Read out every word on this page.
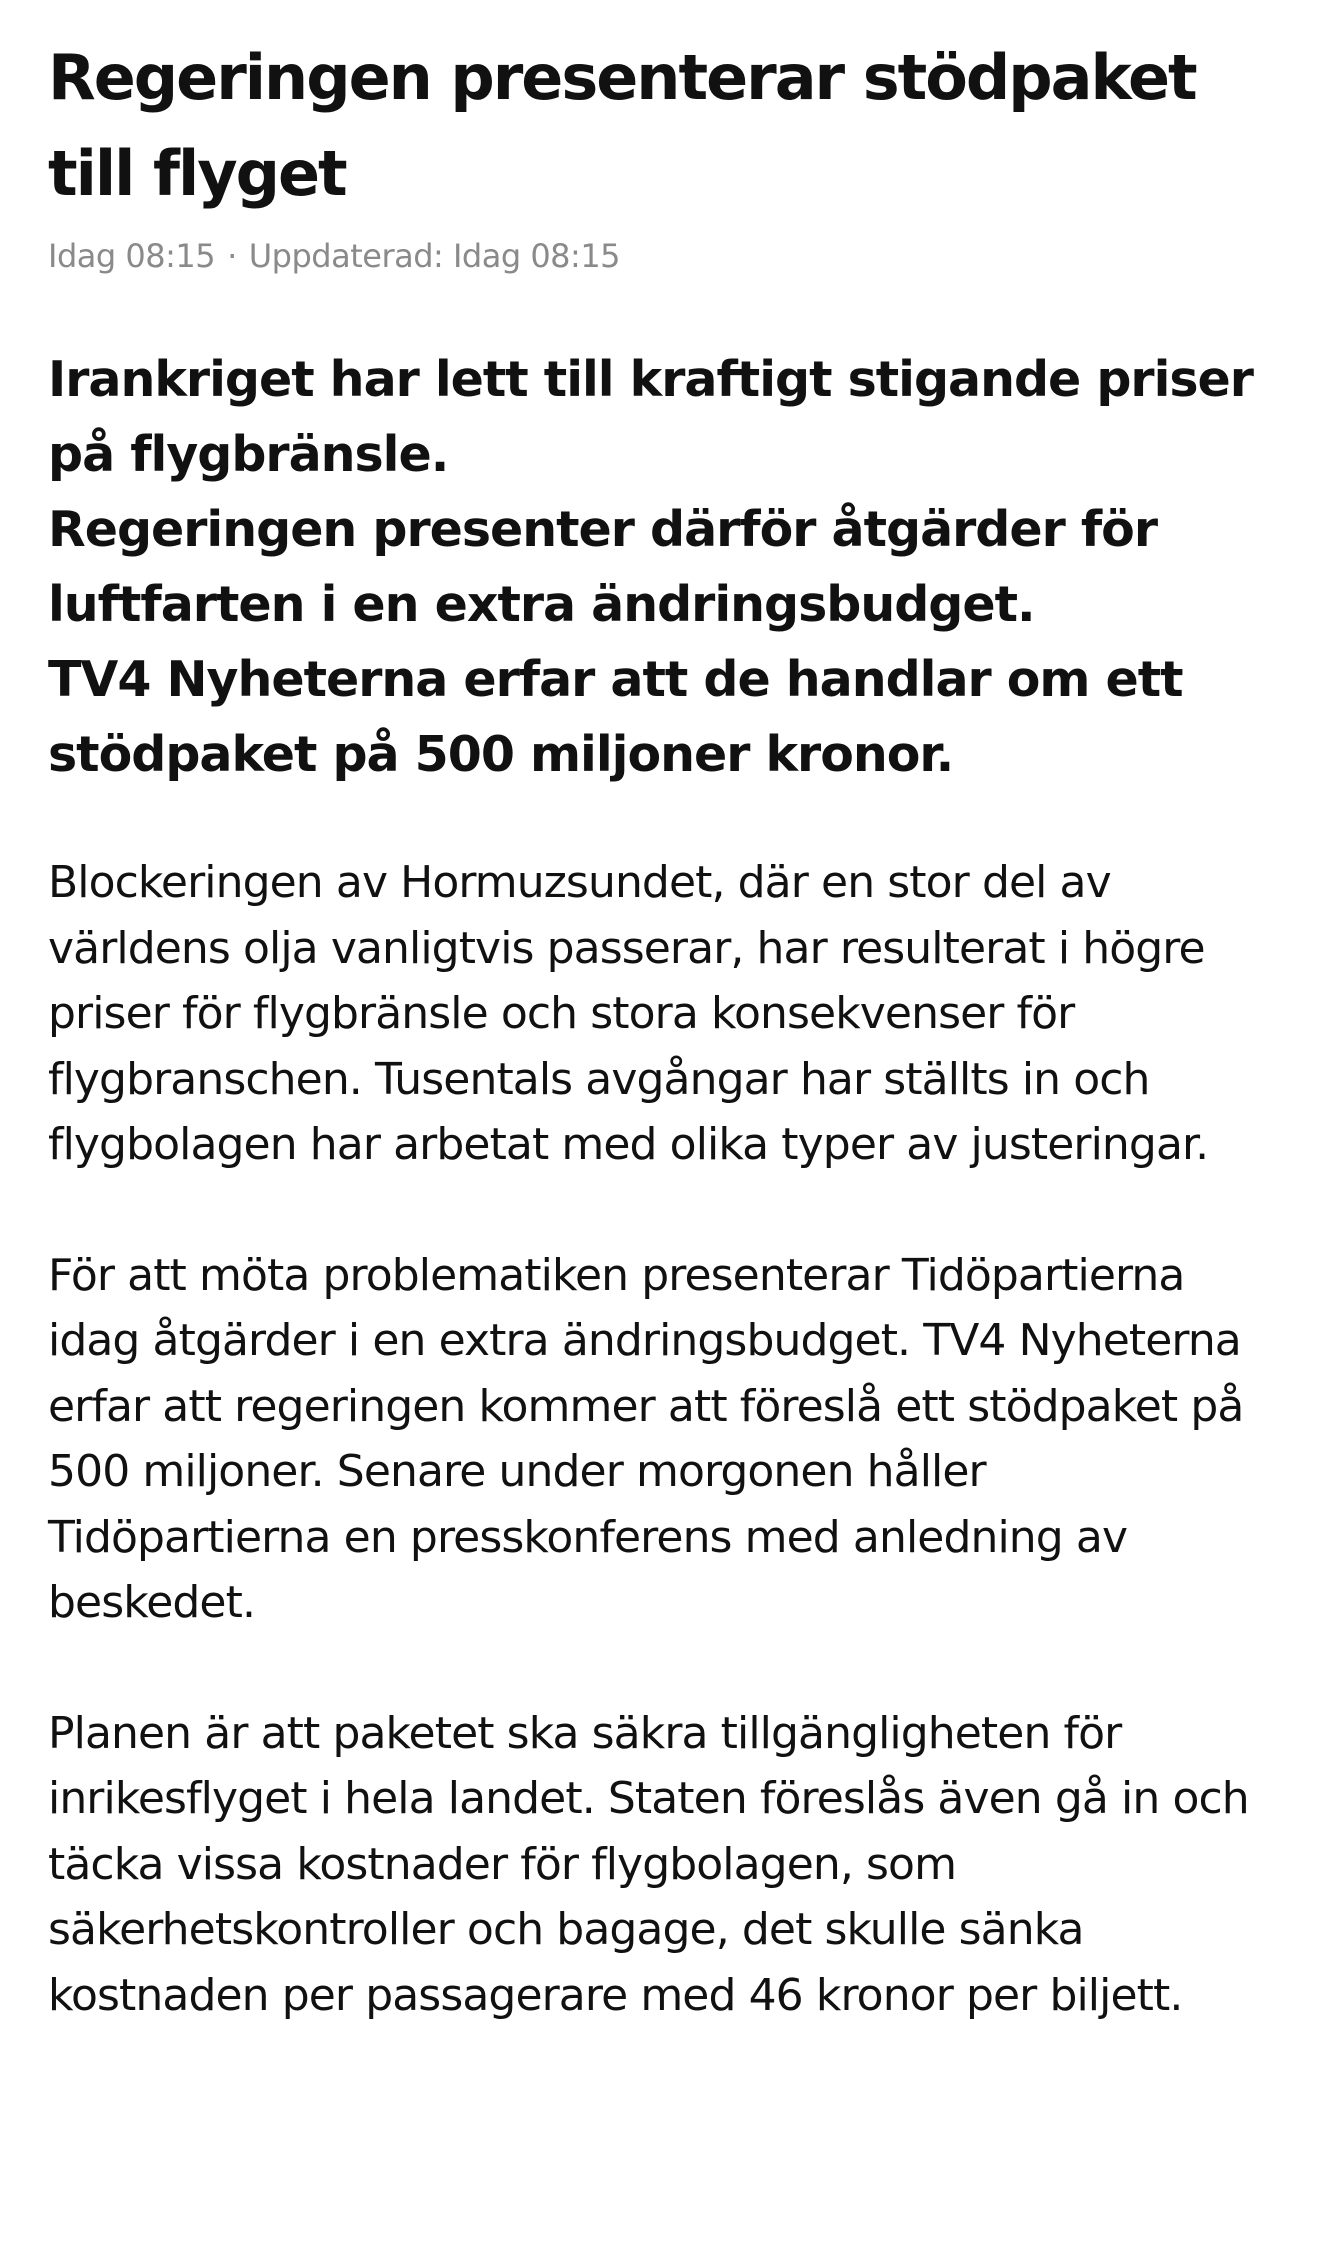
Regeringen presenterar stödpaket till flyget
Idag 08:15 · Uppdaterad: Idag 08:15

Irankriget har lett till kraftigt stigande priser på flygbränsle.

Regeringen presenter därför åtgärder för luftfarten i en extra ändringsbudget.

TV4 Nyheterna erfar att de handlar om ett stödpaket på 500 miljoner kronor.

Blockeringen av Hormuzsundet, där en stor del av världens olja vanligtvis passerar, har resulterat i högre priser för flygbränsle och stora konsekvenser för flygbranschen. Tusentals avgångar har ställts in och flygbolagen har arbetat med olika typer av justeringar.

För att möta problematiken presenterar Tidöpartierna idag åtgärder i en extra ändringsbudget. TV4 Nyheterna erfar att regeringen kommer att föreslå ett stödpaket på 500 miljoner. Senare under morgonen håller Tidöpartierna en presskonferens med anledning av beskedet.

Planen är att paketet ska säkra tillgängligheten för inrikesflyget i hela landet. Staten föreslås även gå in och täcka vissa kostnader för flygbolagen, som säkerhetskontroller och bagage, det skulle sänka kostnaden per passagerare med 46 kronor per biljett.
